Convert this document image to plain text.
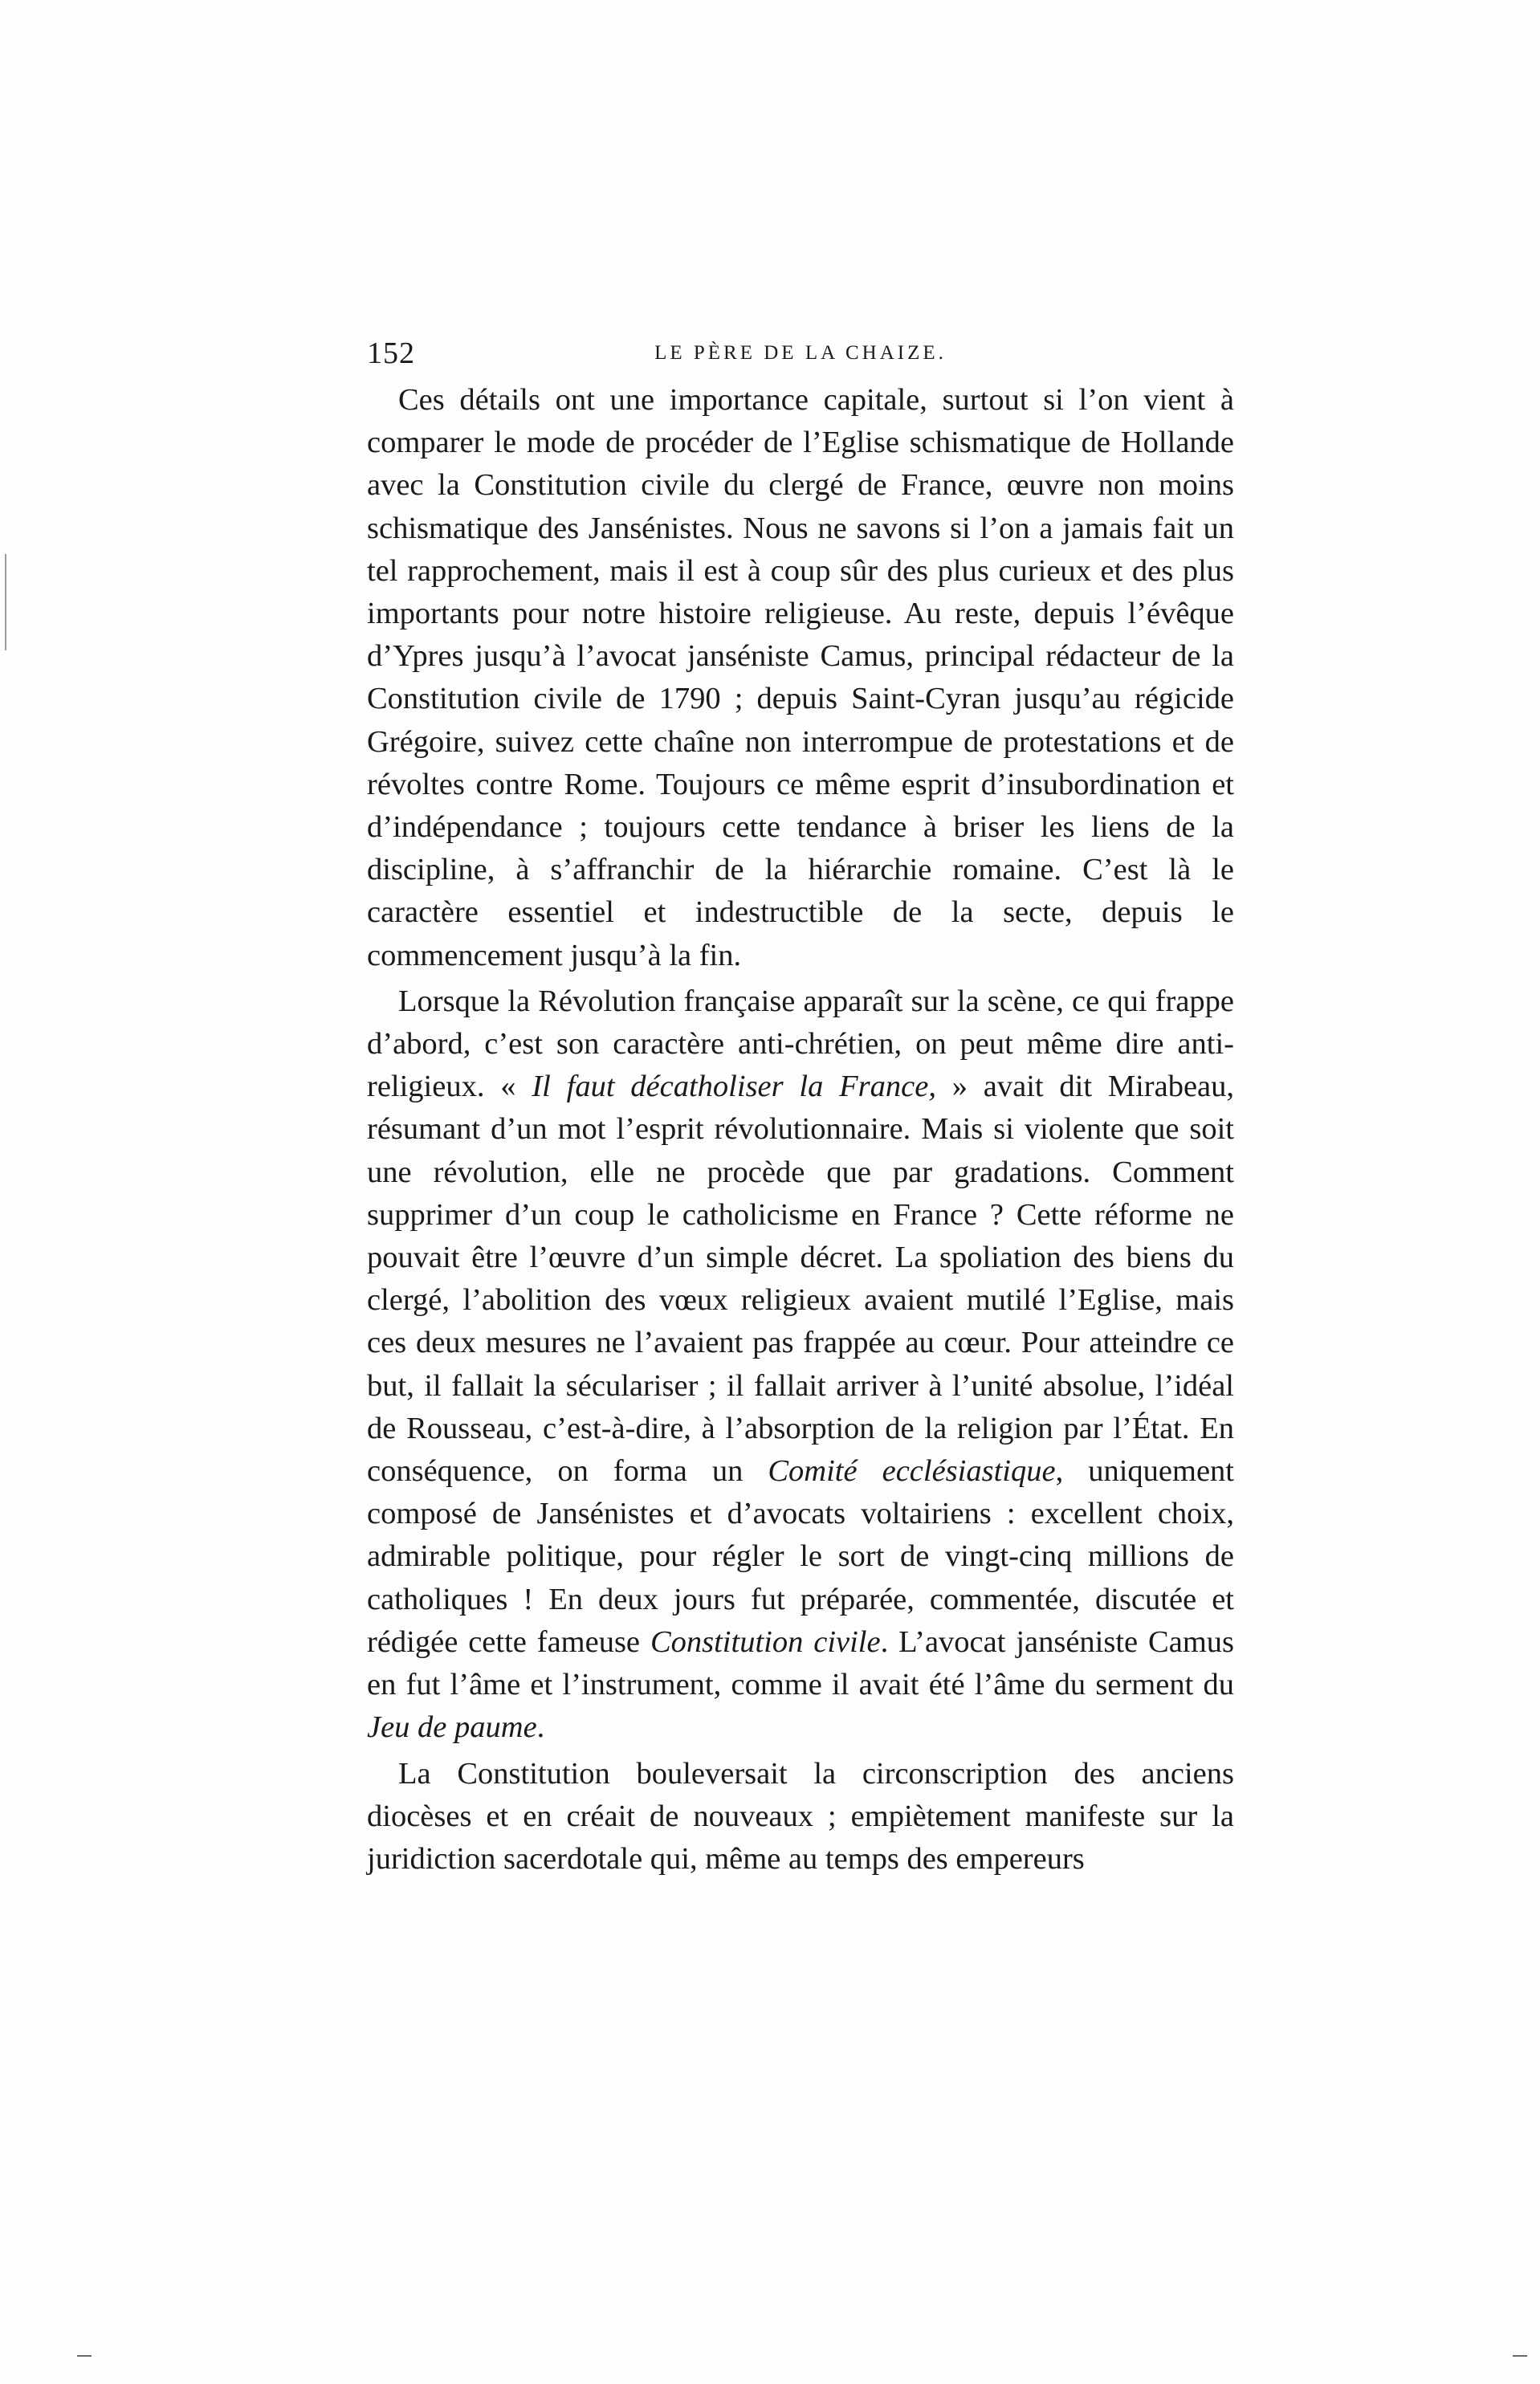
152	LE PÈRE DE LA CHAIZE.

Ces détails ont une importance capitale, surtout si l’on vient à comparer le mode de procéder de l’Eglise schismatique de Hollande avec la Constitution civile du clergé de France, œuvre non moins schismatique des Jansénistes. Nous ne savons si l’on a jamais fait un tel rapprochement, mais il est à coup sûr des plus curieux et des plus importants pour notre histoire religieuse. Au reste, depuis l’évêque d’Ypres jusqu’à l’avocat janséniste Camus, principal rédacteur de la Constitution civile de 1790 ; depuis Saint-Cyran jusqu’au régicide Grégoire, suivez cette chaîne non interrompue de protestations et de révoltes contre Rome. Toujours ce même esprit d’insubordination et d’indépendance ; toujours cette tendance à briser les liens de la discipline, à s’affranchir de la hiérarchie romaine. C’est là le caractère essentiel et indestructible de la secte, depuis le commencement jusqu’à la fin.

Lorsque la Révolution française apparaît sur la scène, ce qui frappe d’abord, c’est son caractère anti-chrétien, on peut même dire anti-religieux. « Il faut décatholiser la France, » avait dit Mirabeau, résumant d’un mot l’esprit révolutionnaire. Mais si violente que soit une révolution, elle ne procède que par gradations. Comment supprimer d’un coup le catholicisme en France ? Cette réforme ne pouvait être l’œuvre d’un simple décret. La spoliation des biens du clergé, l’abolition des vœux religieux avaient mutilé l’Eglise, mais ces deux mesures ne l’avaient pas frappée au cœur. Pour atteindre ce but, il fallait la séculariser ; il fallait arriver à l’unité absolue, l’idéal de Rousseau, c’est-à-dire, à l’absorption de la religion par l’État. En conséquence, on forma un Comité ecclésiastique, uniquement composé de Jansénistes et d’avocats voltairiens : excellent choix, admirable politique, pour régler le sort de vingt-cinq millions de catholiques ! En deux jours fut préparée, commentée, discutée et rédigée cette fameuse Constitution civile. L’avocat janséniste Camus en fut l’âme et l’instrument, comme il avait été l’âme du serment du Jeu de paume.

La Constitution bouleversait la circonscription des anciens diocèses et en créait de nouveaux ; empiètement manifeste sur la juridiction sacerdotale qui, même au temps des empereurs
